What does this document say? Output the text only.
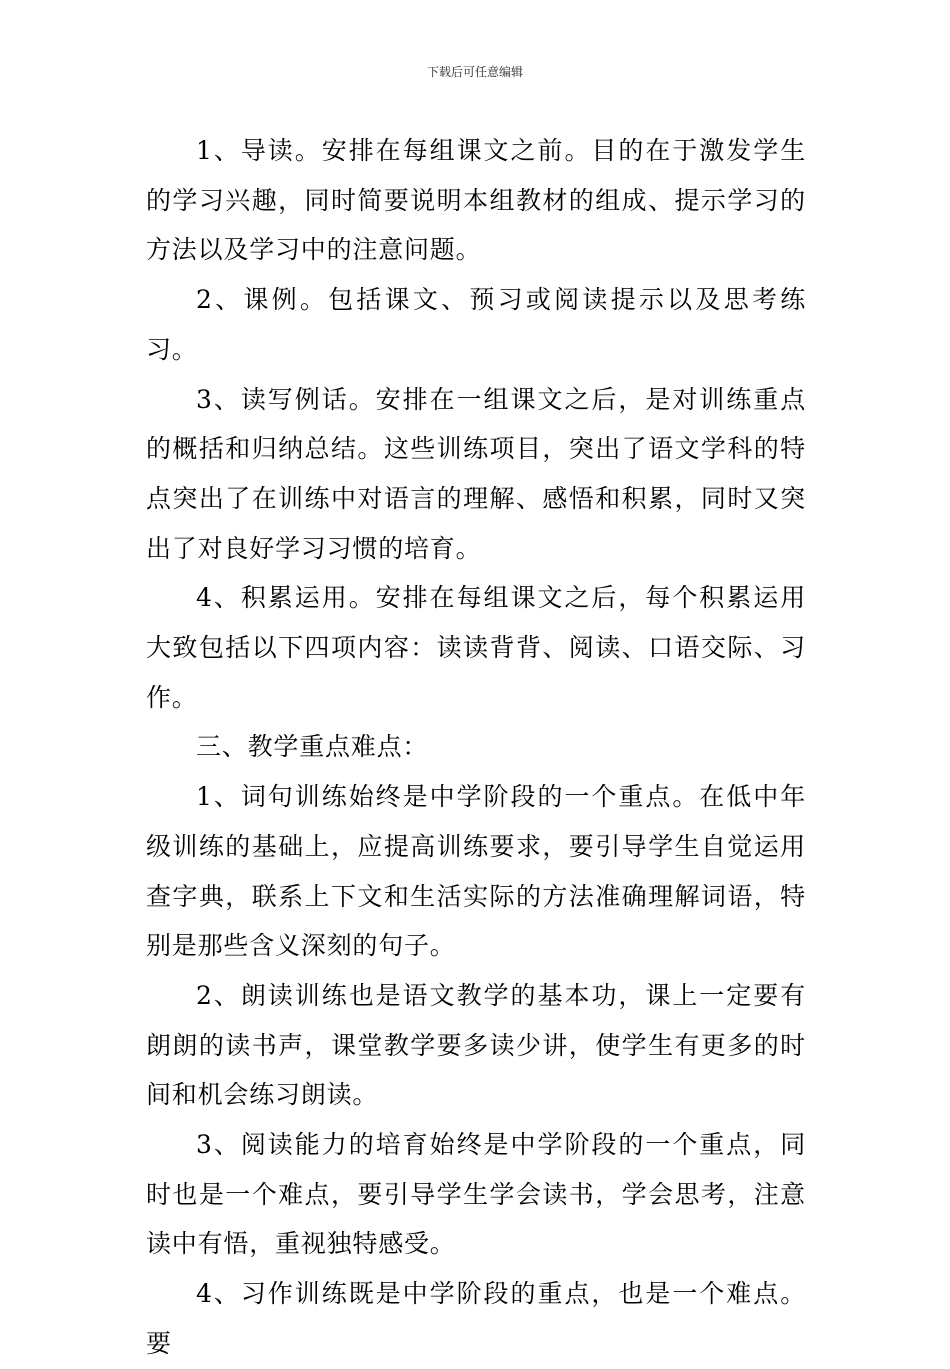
下载后可任意编辑

1、导读。安排在每组课文之前。目的在于激发学生的学习兴趣，同时简要说明本组教材的组成、提示学习的方法以及学习中的注意问题。

2、课例。包括课文、预习或阅读提示以及思考练习。

3、读写例话。安排在一组课文之后，是对训练重点的概括和归纳总结。这些训练项目，突出了语文学科的特点突出了在训练中对语言的理解、感悟和积累，同时又突出了对良好学习习惯的培育。

4、积累运用。安排在每组课文之后，每个积累运用大致包括以下四项内容：读读背背、阅读、口语交际、习作。

三、教学重点难点：

1、词句训练始终是中学阶段的一个重点。在低中年级训练的基础上，应提高训练要求，要引导学生自觉运用查字典，联系上下文和生活实际的方法准确理解词语，特别是那些含义深刻的句子。

2、朗读训练也是语文教学的基本功，课上一定要有朗朗的读书声，课堂教学要多读少讲，使学生有更多的时间和机会练习朗读。

3、阅读能力的培育始终是中学阶段的一个重点，同时也是一个难点，要引导学生学会读书，学会思考，注意读中有悟，重视独特感受。

4、习作训练既是中学阶段的重点，也是一个难点。要
